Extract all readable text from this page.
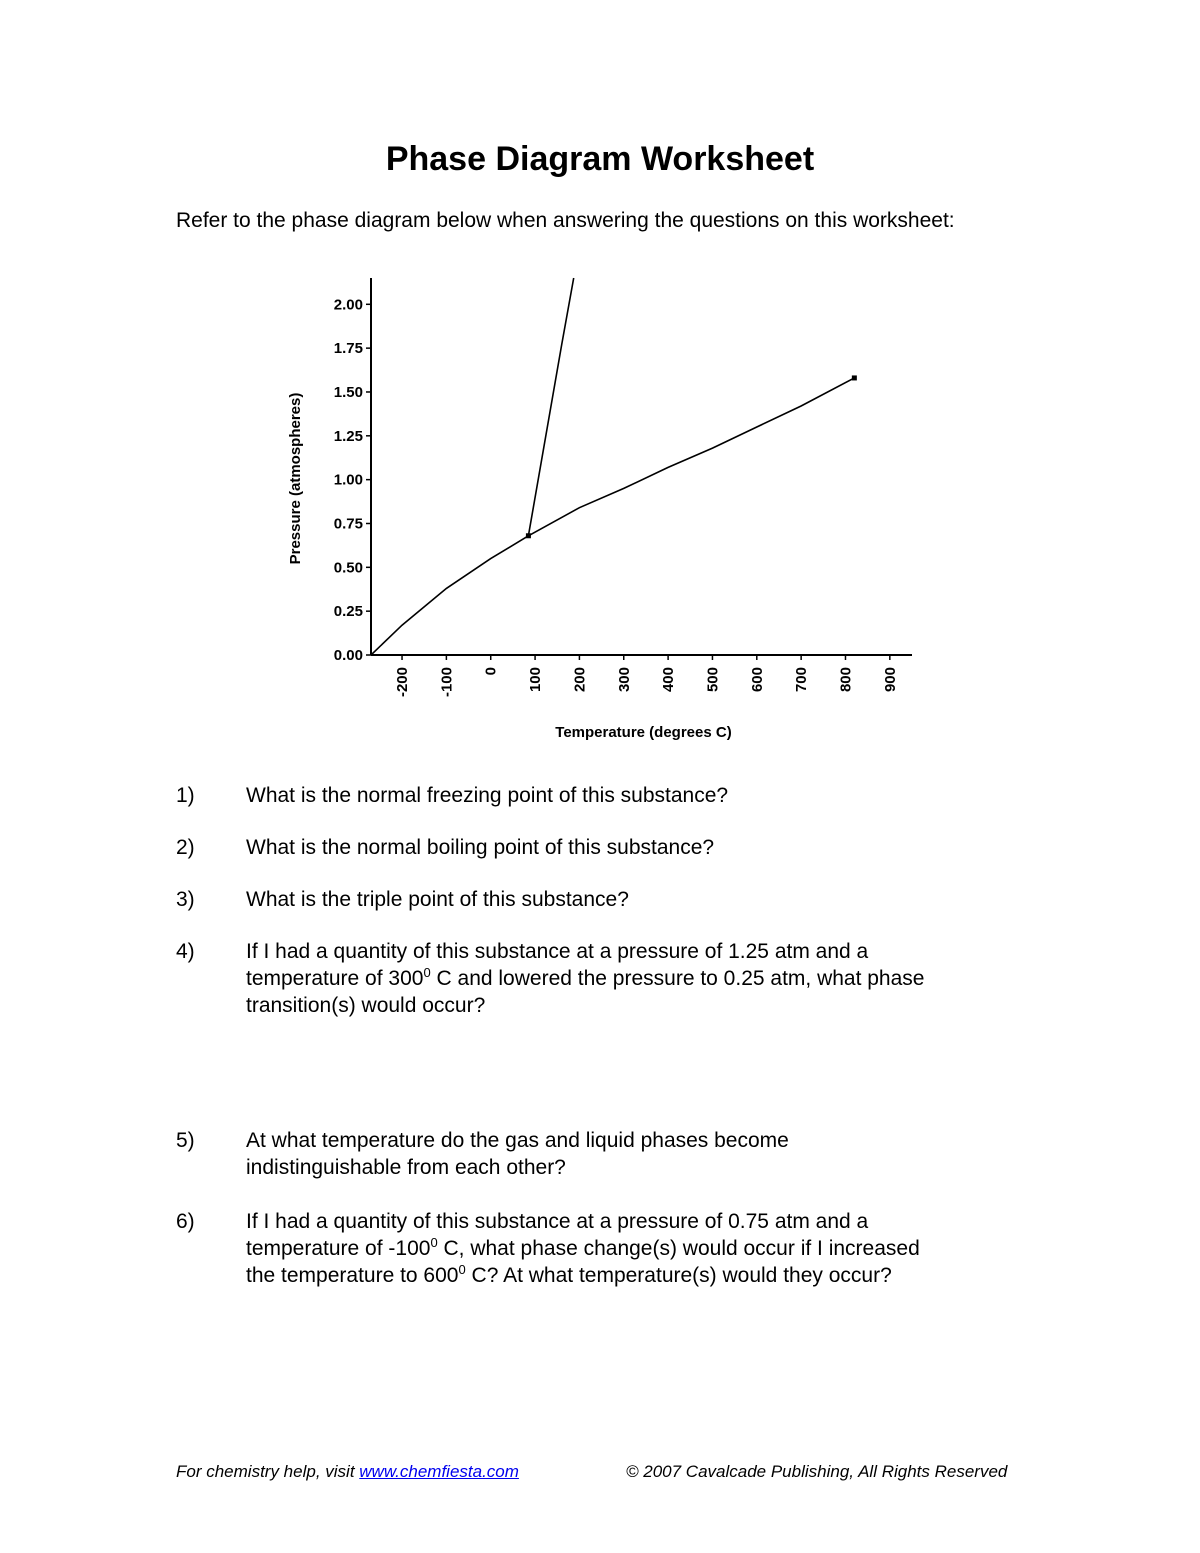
Phase Diagram Worksheet

Refer to the phase diagram below when answering the questions on this worksheet:

0.00
0.25
0.50
0.75
1.00
1.25
1.50
1.75
2.00
-200 -100 0 100 200 300 400 500 600 700 800 900
Temperature (degrees C)
Pressure (atmospheres)
1) What is the normal freezing point of this substance?
2) What is the normal boiling point of this substance?
3) What is the triple point of this substance?
4) If I had a quantity of this substance at a pressure of 1.25 atm and a
temperature of $300^0$ C and lowered the pressure to 0.25 atm, what phase
transition(s) would occur?
5) At what temperature do the gas and liquid phases become
indistinguishable from each other?
6) If I had a quantity of this substance at a pressure of 0.75 atm and a
temperature of $-100^0$ C, what phase change(s) would occur if I increased
the temperature to $600^0$ C? At what temperature(s) would they occur?
For chemistry help, visit www.chemfiesta.com	© 2007 Cavalcade Publishing, All Rights Reserved
